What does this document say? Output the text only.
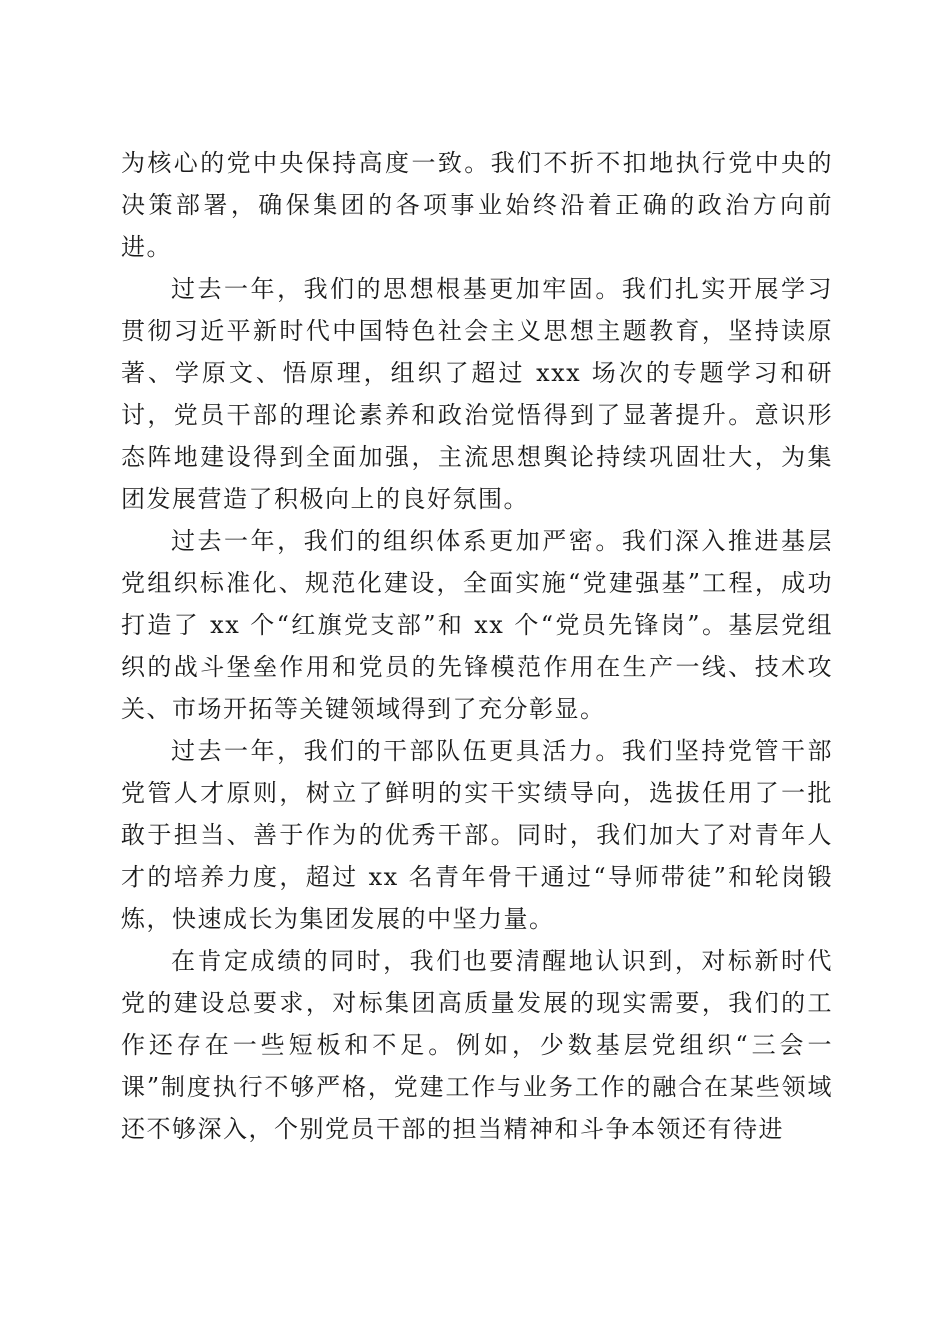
为核心的党中央保持高度一致。我们不折不扣地执行党中央的决策部署，确保集团的各项事业始终沿着正确的政治方向前进。

过去一年，我们的思想根基更加牢固。我们扎实开展学习贯彻习近平新时代中国特色社会主义思想主题教育，坚持读原著、学原文、悟原理，组织了超过 xxx 场次的专题学习和研讨，党员干部的理论素养和政治觉悟得到了显著提升。意识形态阵地建设得到全面加强，主流思想舆论持续巩固壮大，为集团发展营造了积极向上的良好氛围。

过去一年，我们的组织体系更加严密。我们深入推进基层党组织标准化、规范化建设，全面实施“党建强基”工程，成功打造了 xx 个“红旗党支部”和 xx 个“党员先锋岗”。基层党组织的战斗堡垒作用和党员的先锋模范作用在生产一线、技术攻关、市场开拓等关键领域得到了充分彰显。

过去一年，我们的干部队伍更具活力。我们坚持党管干部党管人才原则，树立了鲜明的实干实绩导向，选拔任用了一批敢于担当、善于作为的优秀干部。同时，我们加大了对青年人才的培养力度，超过 xx 名青年骨干通过“导师带徒”和轮岗锻炼，快速成长为集团发展的中坚力量。

在肯定成绩的同时，我们也要清醒地认识到，对标新时代党的建设总要求，对标集团高质量发展的现实需要，我们的工作还存在一些短板和不足。例如，少数基层党组织“三会一课”制度执行不够严格，党建工作与业务工作的融合在某些领域还不够深入，个别党员干部的担当精神和斗争本领还有待进
